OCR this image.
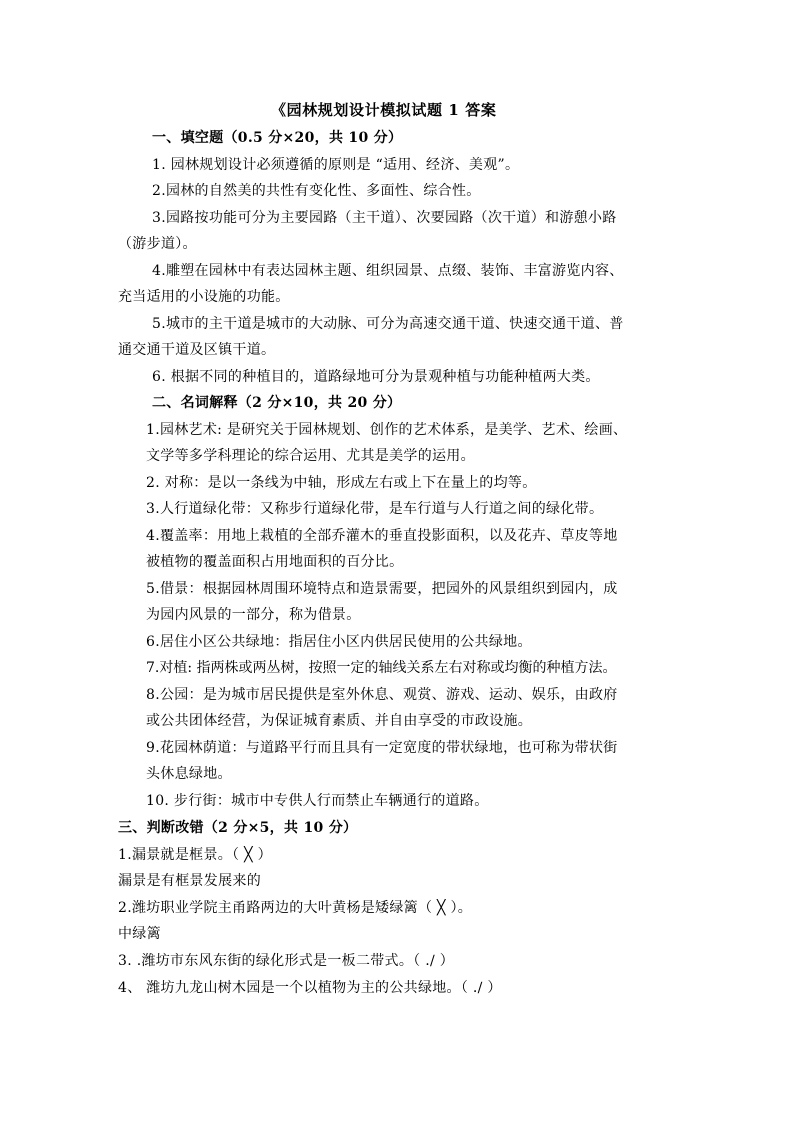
《园林规划设计模拟试题 1 答案
一、填空题（0.5 分×20，共 10 分）
1. 园林规划设计必须遵循的原则是 “适用、经济、美观”。
2.园林的自然美的共性有变化性、多面性、综合性。
3.园路按功能可分为主要园路（主干道）、次要园路（次干道）和游憩小路
（游步道）。
4.雕塑在园林中有表达园林主题、组织园景、点缀、装饰、丰富游览内容、
充当适用的小设施的功能。
5.城市的主干道是城市的大动脉、可分为高速交通干道、快速交通干道、普
通交通干道及区镇干道。
6. 根据不同的种植目的，道路绿地可分为景观种植与功能种植两大类。
二、名词解释（2 分×10，共 20 分）
1.园林艺术: 是研究关于园林规划、创作的艺术体系，是美学、艺术、绘画、
文学等多学科理论的综合运用、尤其是美学的运用。
2. 对称：是以一条线为中轴，形成左右或上下在量上的均等。
3.人行道绿化带：又称步行道绿化带，是车行道与人行道之间的绿化带。
4.覆盖率：用地上栽植的全部乔灌木的垂直投影面积，以及花卉、草皮等地
被植物的覆盖面积占用地面积的百分比。
5.借景：根据园林周围环境特点和造景需要，把园外的风景组织到园内，成
为园内风景的一部分，称为借景。
6.居住小区公共绿地：指居住小区内供居民使用的公共绿地。
7.对植: 指两株或两丛树，按照一定的轴线关系左右对称或均衡的种植方法。
8.公园：是为城市居民提供是室外休息、观赏、游戏、运动、娱乐，由政府
或公共团体经营，为保证城育素质、并自由享受的市政设施。
9.花园林荫道：与道路平行而且具有一定宽度的带状绿地，也可称为带状街
头休息绿地。
10. 步行街：城市中专供人行而禁止车辆通行的道路。
三、判断改错（2 分×5，共 10 分）
1.漏景就是框景。（ ╳ ）
漏景是有框景发展来的
2.潍坊职业学院主甬路两边的大叶黄杨是矮绿篱（ ╳ ）。
中绿篱
3. .潍坊市东风东街的绿化形式是一板二带式。（ .∕ ）
4、 潍坊九龙山树木园是一个以植物为主的公共绿地。（ .∕ ）
